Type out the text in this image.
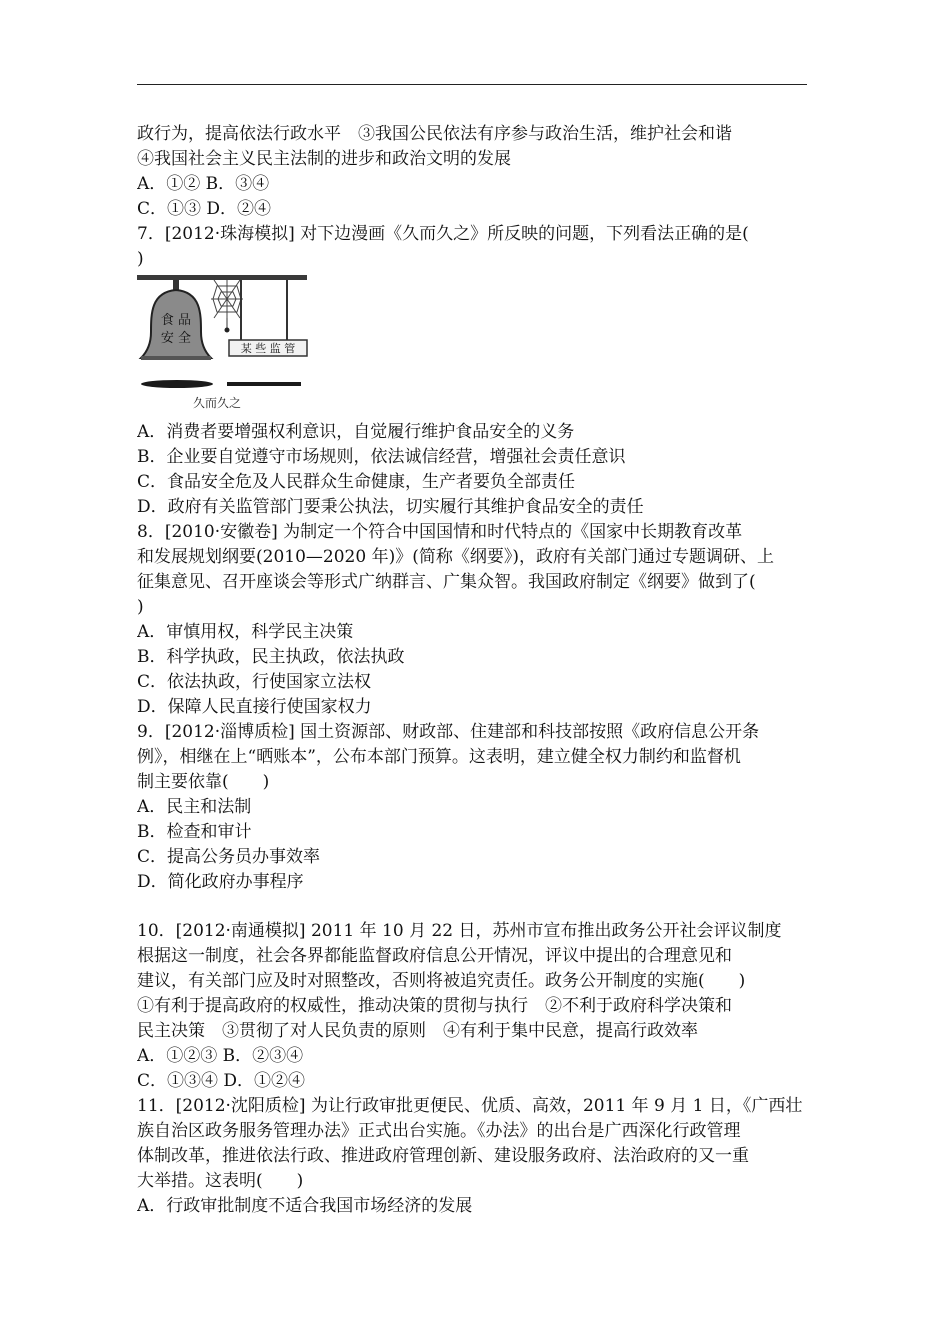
政行为，提高依法行政水平　③我国公民依法有序参与政治生活，维护社会和谐
④我国社会主义民主法制的进步和政治文明的发展
A．①② B．③④
C．①③ D．②④
7．[2012·珠海模拟] 对下边漫画《久而久之》所反映的问题，下列看法正确的是(
)
食 品
安 全
某 些 监 管
久而久之
A．消费者要增强权利意识，自觉履行维护食品安全的义务
B．企业要自觉遵守市场规则，依法诚信经营，增强社会责任意识
C．食品安全危及人民群众生命健康，生产者要负全部责任
D．政府有关监管部门要秉公执法，切实履行其维护食品安全的责任
8．[2010·安徽卷] 为制定一个符合中国国情和时代特点的《国家中长期教育改革
和发展规划纲要(2010—2020 年)》(简称《纲要》)，政府有关部门通过专题调研、上
征集意见、召开座谈会等形式广纳群言、广集众智。我国政府制定《纲要》做到了(
)
A．审慎用权，科学民主决策
B．科学执政，民主执政，依法执政
C．依法执政，行使国家立法权
D．保障人民直接行使国家权力
9．[2012·淄博质检] 国土资源部、财政部、住建部和科技部按照《政府信息公开条
例》，相继在上“晒账本”，公布本部门预算。这表明，建立健全权力制约和监督机
制主要依靠(　　)
A．民主和法制
B．检查和审计
C．提高公务员办事效率
D．简化政府办事程序
10．[2012·南通模拟] 2011 年 10 月 22 日，苏州市宣布推出政务公开社会评议制度
根据这一制度，社会各界都能监督政府信息公开情况，评议中提出的合理意见和
建议，有关部门应及时对照整改，否则将被追究责任。政务公开制度的实施(　　)
①有利于提高政府的权威性，推动决策的贯彻与执行　②不利于政府科学决策和
民主决策　③贯彻了对人民负责的原则　④有利于集中民意，提高行政效率
A．①②③ B．②③④
C．①③④ D．①②④
11．[2012·沈阳质检] 为让行政审批更便民、优质、高效，2011 年 9 月 1 日，《广西壮
族自治区政务服务管理办法》正式出台实施。《办法》的出台是广西深化行政管理
体制改革，推进依法行政、推进政府管理创新、建设服务政府、法治政府的又一重
大举措。这表明(　　)
A．行政审批制度不适合我国市场经济的发展
